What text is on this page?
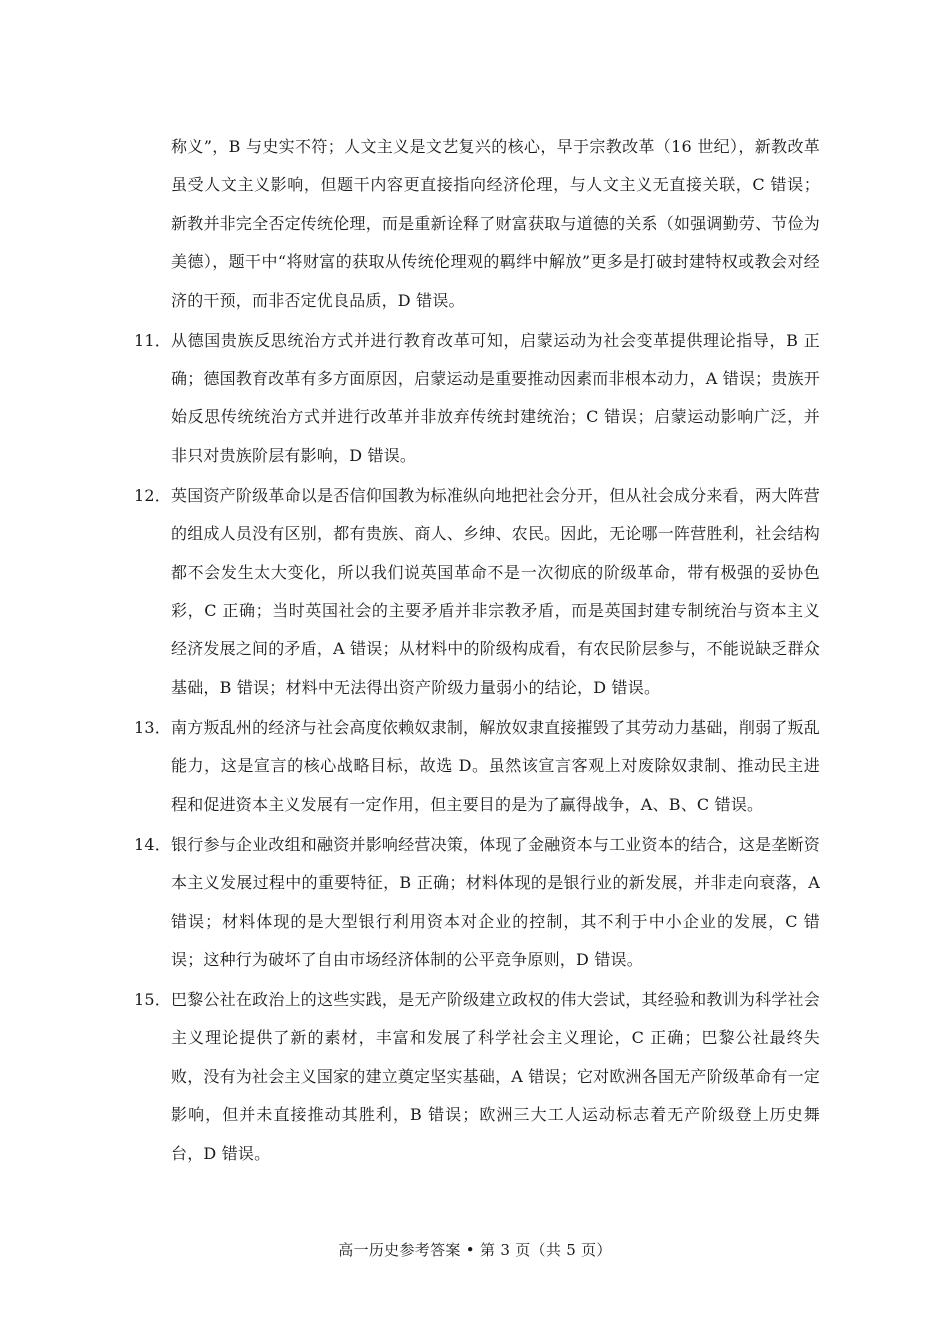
称义”，B 与史实不符；人文主义是文艺复兴的核心，早于宗教改革（16 世纪），新教改革虽受人文主义影响，但题干内容更直接指向经济伦理，与人文主义无直接关联，C 错误；新教并非完全否定传统伦理，而是重新诠释了财富获取与道德的关系（如强调勤劳、节俭为美德），题干中“将财富的获取从传统伦理观的羁绊中解放”更多是打破封建特权或教会对经济的干预，而非否定优良品质，D 错误。
11． 从德国贵族反思统治方式并进行教育改革可知，启蒙运动为社会变革提供理论指导，B 正确；德国教育改革有多方面原因，启蒙运动是重要推动因素而非根本动力，A 错误；贵族开始反思传统统治方式并进行改革并非放弃传统封建统治；C 错误；启蒙运动影响广泛，并非只对贵族阶层有影响，D 错误。
12． 英国资产阶级革命以是否信仰国教为标准纵向地把社会分开，但从社会成分来看，两大阵营的组成人员没有区别，都有贵族、商人、乡绅、农民。因此，无论哪一阵营胜利，社会结构都不会发生太大变化，所以我们说英国革命不是一次彻底的阶级革命，带有极强的妥协色彩，C 正确；当时英国社会的主要矛盾并非宗教矛盾，而是英国封建专制统治与资本主义经济发展之间的矛盾，A 错误；从材料中的阶级构成看，有农民阶层参与，不能说缺乏群众基础，B 错误；材料中无法得出资产阶级力量弱小的结论，D 错误。
13． 南方叛乱州的经济与社会高度依赖奴隶制，解放奴隶直接摧毁了其劳动力基础，削弱了叛乱能力，这是宣言的核心战略目标，故选 D。虽然该宣言客观上对废除奴隶制、推动民主进程和促进资本主义发展有一定作用，但主要目的是为了赢得战争，A、B、C 错误。
14． 银行参与企业改组和融资并影响经营决策，体现了金融资本与工业资本的结合，这是垄断资本主义发展过程中的重要特征，B 正确；材料体现的是银行业的新发展，并非走向衰落，A 错误；材料体现的是大型银行利用资本对企业的控制，其不利于中小企业的发展，C 错误；这种行为破坏了自由市场经济体制的公平竞争原则，D 错误。
15． 巴黎公社在政治上的这些实践，是无产阶级建立政权的伟大尝试，其经验和教训为科学社会主义理论提供了新的素材，丰富和发展了科学社会主义理论，C 正确；巴黎公社最终失败，没有为社会主义国家的建立奠定坚实基础，A 错误；它对欧洲各国无产阶级革命有一定影响，但并未直接推动其胜利，B 错误；欧洲三大工人运动标志着无产阶级登上历史舞台，D 错误。
高一历史参考答案 • 第 3 页（共 5 页）
